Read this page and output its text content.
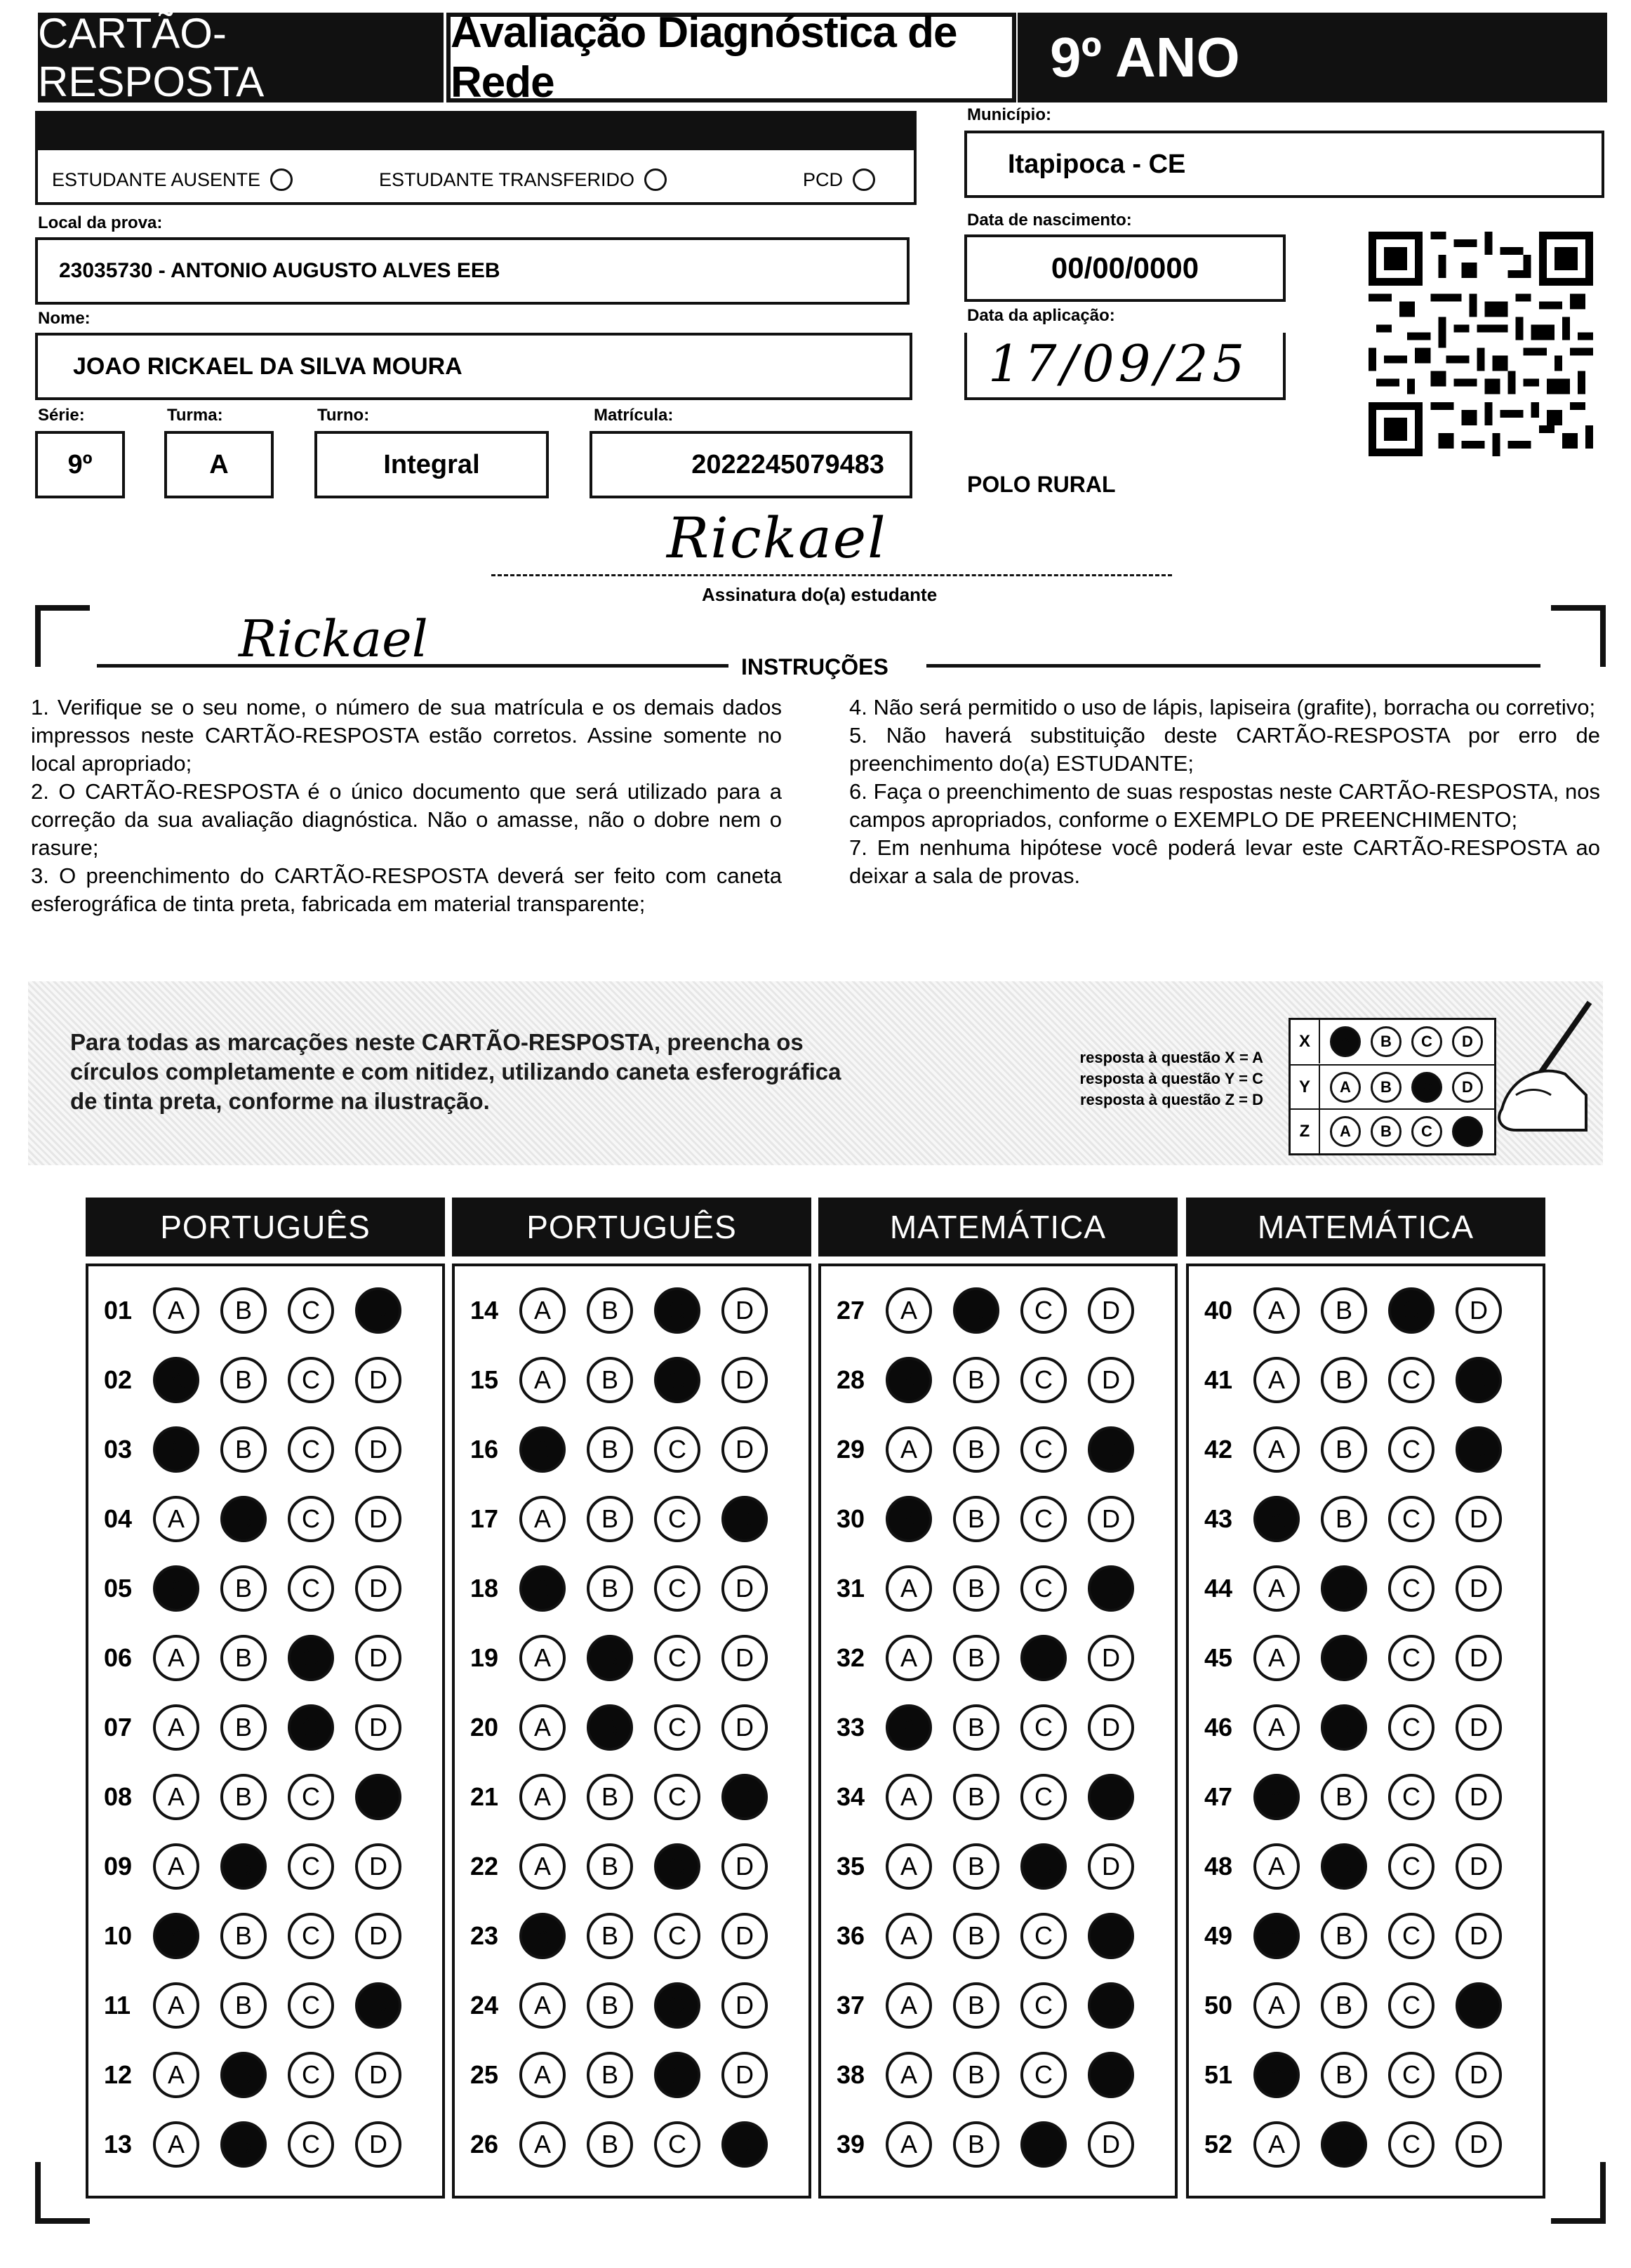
CARTÃO-RESPOSTA
Avaliação Diagnóstica de Rede	9º ANO
ESTUDANTE AUSENTE	ESTUDANTE TRANSFERIDO	PCD
Município:
Itapipoca - CE
Local da prova:
23035730 - ANTONIO AUGUSTO ALVES EEB
Data de nascimento:
00/00/0000
Data da aplicação:
17/09/25
Nome:
JOAO RICKAEL DA SILVA MOURA
Série:
9º
Turma:
A
Turno:
Integral
Matrícula:
2022245079483
POLO RURAL
Rickael
Assinatura do(a) estudante
Rickael	INSTRUÇÕES
1. Verifique se o seu nome, o número de sua matrícula e os demais dados impressos neste CARTÃO-RESPOSTA estão corretos. Assine somente no local apropriado;
2. O CARTÃO-RESPOSTA é o único documento que será utilizado para a correção da sua avaliação diagnóstica. Não o amasse, não o dobre nem o rasure;
3. O preenchimento do CARTÃO-RESPOSTA deverá ser feito com caneta esferográfica de tinta preta, fabricada em material transparente;
4. Não será permitido o uso de lápis, lapiseira (grafite), borracha ou corretivo;
5. Não haverá substituição deste CARTÃO-RESPOSTA por erro de preenchimento do(a) ESTUDANTE;
6. Faça o preenchimento de suas respostas neste CARTÃO-RESPOSTA, nos campos apropriados, conforme o EXEMPLO DE PREENCHIMENTO;
7. Em nenhuma hipótese você poderá levar este CARTÃO-RESPOSTA ao deixar a sala de provas.
Para todas as marcações neste CARTÃO-RESPOSTA, preencha os círculos completamente e com nitidez, utilizando caneta esferográfica de tinta preta, conforme na ilustração.
resposta à questão X = A
resposta à questão Y = C
resposta à questão Z = D
X	A	B	C	D
Y	A	B	C	D
Z	A	B	C	D
PORTUGUÊS
01	A	B	C	D
02	A	B	C	D
03	A	B	C	D
04	A	B	C	D
05	A	B	C	D
06	A	B	C	D
07	A	B	C	D
08	A	B	C	D
09	A	B	C	D
10	A	B	C	D
11	A	B	C	D
12	A	B	C	D
13	A	B	C	D
PORTUGUÊS
14	A	B	C	D
15	A	B	C	D
16	A	B	C	D
17	A	B	C	D
18	A	B	C	D
19	A	B	C	D
20	A	B	C	D
21	A	B	C	D
22	A	B	C	D
23	A	B	C	D
24	A	B	C	D
25	A	B	C	D
26	A	B	C	D
MATEMÁTICA
27	A	B	C	D
28	A	B	C	D
29	A	B	C	D
30	A	B	C	D
31	A	B	C	D
32	A	B	C	D
33	A	B	C	D
34	A	B	C	D
35	A	B	C	D
36	A	B	C	D
37	A	B	C	D
38	A	B	C	D
39	A	B	C	D
MATEMÁTICA
40	A	B	C	D
41	A	B	C	D
42	A	B	C	D
43	A	B	C	D
44	A	B	C	D
45	A	B	C	D
46	A	B	C	D
47	A	B	C	D
48	A	B	C	D
49	A	B	C	D
50	A	B	C	D
51	A	B	C	D
52	A	B	C	D
